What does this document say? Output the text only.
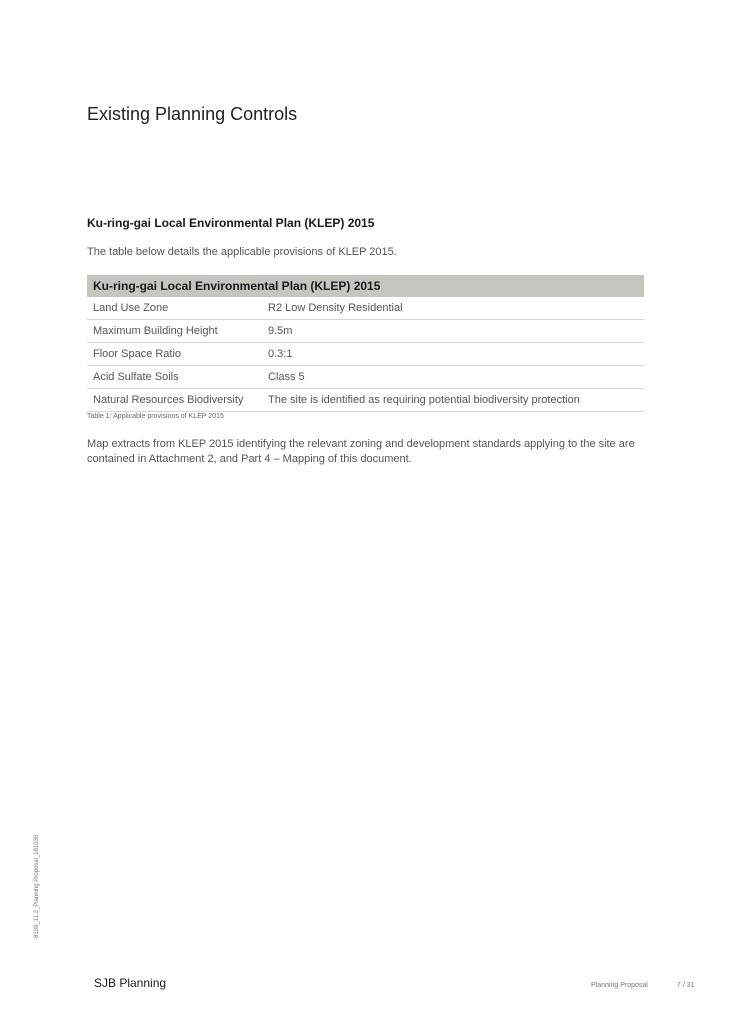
Existing Planning Controls
Ku-ring-gai Local Environmental Plan (KLEP) 2015

The table below details the applicable provisions of KLEP 2015.

Ku-ring-gai Local Environmental Plan (KLEP) 2015	
Land Use Zone	R2 Low Density Residential
Maximum Building Height	9.5m
Floor Space Ratio	0.3:1
Acid Sulfate Soils	Class 5
Natural Resources Biodiversity	The site is identified as requiring potential biodiversity protection

Table 1: Applicable provisions of KLEP 2015

Map extracts from KLEP 2015 identifying the relevant zoning and development standards applying to the site are contained in Attachment 2, and Part 4 – Mapping of this document.

8109_11.2_Planning Proposal_181030
SJB Planning	Planning Proposal	7 / 31
